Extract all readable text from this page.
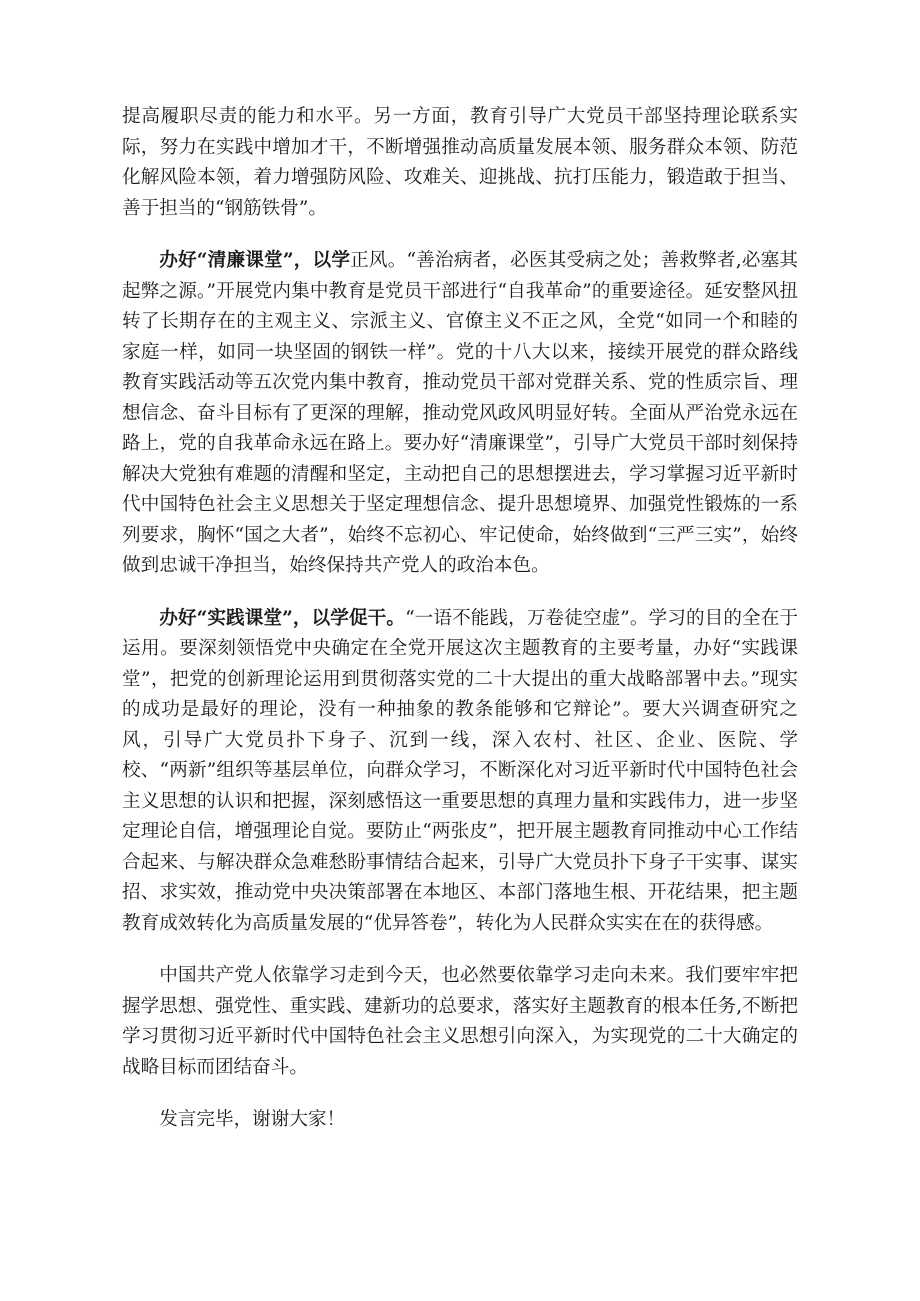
提高履职尽责的能力和水平。另一方面，教育引导广大党员干部坚持理论联系实际，努力在实践中增加才干，不断增强推动高质量发展本领、服务群众本领、防范化解风险本领，着力增强防风险、攻难关、迎挑战、抗打压能力，锻造敢于担当、善于担当的“钢筋铁骨”。

办好“清廉课堂”，以学正风。“善治病者，必医其受病之处；善救弊者,必塞其起弊之源。”开展党内集中教育是党员干部进行“自我革命”的重要途径。延安整风扭转了长期存在的主观主义、宗派主义、官僚主义不正之风，全党“如同一个和睦的家庭一样，如同一块坚固的钢铁一样”。党的十八大以来，接续开展党的群众路线教育实践活动等五次党内集中教育，推动党员干部对党群关系、党的性质宗旨、理想信念、奋斗目标有了更深的理解，推动党风政风明显好转。全面从严治党永远在路上，党的自我革命永远在路上。要办好“清廉课堂”，引导广大党员干部时刻保持解决大党独有难题的清醒和坚定，主动把自己的思想摆进去，学习掌握习近平新时代中国特色社会主义思想关于坚定理想信念、提升思想境界、加强党性锻炼的一系列要求，胸怀“国之大者”，始终不忘初心、牢记使命，始终做到“三严三实”，始终做到忠诚干净担当，始终保持共产党人的政治本色。

办好“实践课堂”，以学促干。“一语不能践，万卷徒空虚”。学习的目的全在于运用。要深刻领悟党中央确定在全党开展这次主题教育的主要考量，办好“实践课堂”，把党的创新理论运用到贯彻落实党的二十大提出的重大战略部署中去。”现实的成功是最好的理论，没有一种抽象的教条能够和它辩论”。要大兴调查研究之风，引导广大党员扑下身子、沉到一线，深入农村、社区、企业、医院、学校、“两新”组织等基层单位，向群众学习，不断深化对习近平新时代中国特色社会主义思想的认识和把握，深刻感悟这一重要思想的真理力量和实践伟力，进一步坚定理论自信，增强理论自觉。要防止“两张皮”，把开展主题教育同推动中心工作结合起来、与解决群众急难愁盼事情结合起来，引导广大党员扑下身子干实事、谋实招、求实效，推动党中央决策部署在本地区、本部门落地生根、开花结果，把主题教育成效转化为高质量发展的“优异答卷”，转化为人民群众实实在在的获得感。

中国共产党人依靠学习走到今天，也必然要依靠学习走向未来。我们要牢牢把握学思想、强党性、重实践、建新功的总要求，落实好主题教育的根本任务,不断把学习贯彻习近平新时代中国特色社会主义思想引向深入，为实现党的二十大确定的战略目标而团结奋斗。

发言完毕，谢谢大家！
